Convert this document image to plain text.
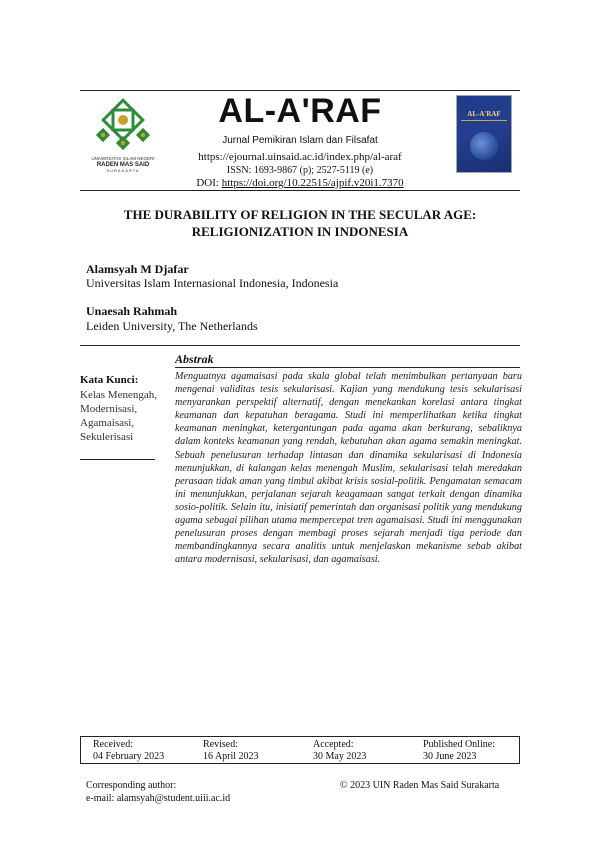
UNIVERSITAS ISLAM NEGERI
RADEN MAS SAID
SURAKARTA
AL-A'RAF
Jurnal Pemikiran Islam dan Filsafat
https://ejournal.uinsaid.ac.id/index.php/al-araf
ISSN: 1693-9867 (p); 2527-5119 (e)
DOI: https://doi.org/10.22515/ajpif.v20i1.7370
AL-A'RAF
THE DURABILITY OF RELIGION IN THE SECULAR AGE:
RELIGIONIZATION IN INDONESIA
Alamsyah M Djafar
Universitas Islam Internasional Indonesia, Indonesia
Unaesah Rahmah
Leiden University, The Netherlands
Abstrak
Menguatnya agamaisasi pada skala global telah menimbulkan pertanyaan baru mengenai validitas tesis sekularisasi. Kajian yang mendukung tesis sekularisasi menyarankan perspektif alternatif, dengan menekankan korelasi antara tingkat keamanan dan kepatuhan beragama. Studi ini memperlihatkan ketika tingkat keamanan meningkat, ketergantungan pada agama akan berkurang, sebaliknya dalam konteks keamanan yang rendah, kebutuhan akan agama semakin meningkat. Sebuah penelusuran terhadap lintasan dan dinamika sekularisasi di Indonesia menunjukkan, di kalangan kelas menengah Muslim, sekularisasi telah meredakan perasaan tidak aman yang timbul akibat krisis sosial-politik. Pengamatan semacam ini menunjukkan, perjalanan sejarah keagamaan sangat terkait dengan dinamika sosio-politik. Selain itu, inisiatif pemerintah dan organisasi politik yang mendukung agama sebagai pilihan utama mempercepat tren agamaisasi. Studi ini menggunakan penelusuran proses dengan membagi proses sejarah menjadi tiga periode dan membandingkannya secara analitis untuk menjelaskan mekanisme sebab akibat antara modernisasi, sekularisasi, dan agamaisasi.
Kata Kunci:
Kelas Menengah,
Modernisasi,
Agamaisasi,
Sekulerisasi
Received:
04 February 2023
Revised:
16 April 2023
Accepted:
30 May 2023
Published Online:
30 June 2023
Corresponding author:
e-mail: alamsyah@student.uiii.ac.id
© 2023 UIN Raden Mas Said Surakarta
